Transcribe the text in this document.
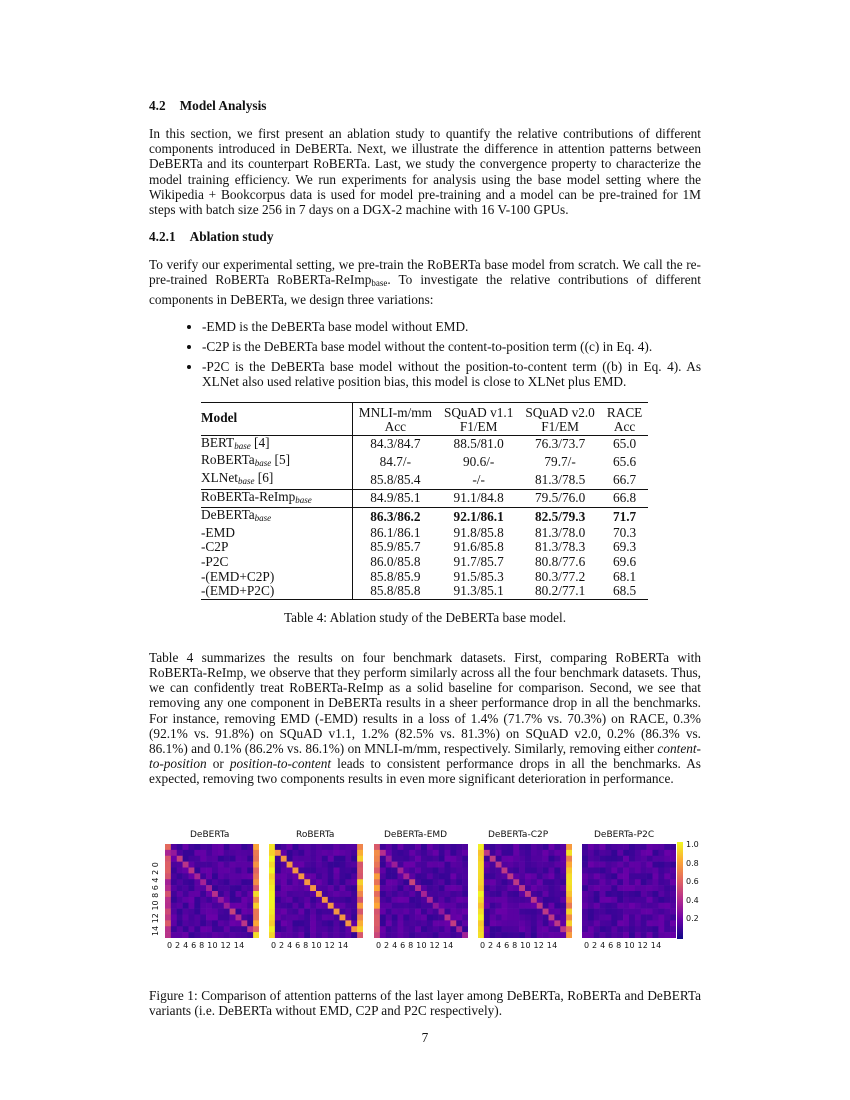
4.2 Model Analysis

In this section, we first present an ablation study to quantify the relative contributions of different components introduced in DeBERTa. Next, we illustrate the difference in attention patterns between DeBERTa and its counterpart RoBERTa. Last, we study the convergence property to characterize the model training efficiency. We run experiments for analysis using the base model setting where the Wikipedia + Bookcorpus data is used for model pre-training and a model can be pre-trained for 1M steps with batch size 256 in 7 days on a DGX-2 machine with 16 V-100 GPUs.

4.2.1 Ablation study

To verify our experimental setting, we pre-train the RoBERTa base model from scratch. We call the re-pre-trained RoBERTa RoBERTa-ReImpbase. To investigate the relative contributions of different components in DeBERTa, we design three variations:

• -EMD is the DeBERTa base model without EMD.
• -C2P is the DeBERTa base model without the content-to-position term ((c) in Eq. 4).
• -P2C is the DeBERTa base model without the position-to-content term ((b) in Eq. 4). As XLNet also used relative position bias, this model is close to XLNet plus EMD.
Model	MNLI-m/mm	SQuAD v1.1	SQuAD v2.0	RACE
	Acc	F1/EM	F1/EM	Acc
$BERT_{base}$ [4]	84.3/84.7	88.5/81.0	76.3/73.7	65.0
RoBERTa$_{base}$ [5]	84.7/-	90.6/-	79.7/-	65.6
XLNet$_{base}$ [6]	85.8/85.4	-/-	81.3/78.5	66.7
RoBERTa-ReImp$_{base}$	84.9/85.1	91.1/84.8	79.5/76.0	66.8
DeBERTa$_{base}$	86.3/86.2	92.1/86.1	82.5/79.3	71.7
-EMD	86.1/86.1	91.8/85.8	81.3/78.0	70.3
-C2P	85.9/85.7	91.6/85.8	81.3/78.3	69.3
-P2C	86.0/85.8	91.7/85.7	80.8/77.6	69.6
-(EMD+C2P)	85.8/85.9	91.5/85.3	80.3/77.2	68.1
-(EMD+P2C)	85.8/85.8	91.3/85.1	80.2/77.1	68.5
Table 4: Ablation study of the DeBERTa base model.

Table 4 summarizes the results on four benchmark datasets. First, comparing RoBERTa with RoBERTa-ReImp, we observe that they perform similarly across all the four benchmark datasets. Thus, we can confidently treat RoBERTa-ReImp as a solid baseline for comparison. Second, we see that removing any one component in DeBERTa results in a sheer performance drop in all the benchmarks. For instance, removing EMD (-EMD) results in a loss of 1.4% (71.7% vs. 70.3%) on RACE, 0.3% (92.1% vs. 91.8%) on SQuAD v1.1, 1.2% (82.5% vs. 81.3%) on SQuAD v2.0, 0.2% (86.3% vs. 86.1%) and 0.1% (86.2% vs. 86.1%) on MNLI-m/mm, respectively. Similarly, removing either content-to-position or position-to-content leads to consistent performance drops in all the benchmarks. As expected, removing two components results in even more significant deterioration in performance.

DeBERTa
0 2 4 6 8 10 12 14
RoBERTa
0 2 4 6 8 10 12 14
DeBERTa-EMD
0 2 4 6 8 10 12 14
DeBERTa-C2P
0 2 4 6 8 10 12 14
DeBERTa-P2C
0 2 4 6 8 10 12 14
14 12 10 8 6 4 2 0
1.0
0.8
0.6
0.4
0.2
Figure 1: Comparison of attention patterns of the last layer among DeBERTa, RoBERTa and DeBERTa variants (i.e. DeBERTa without EMD, C2P and P2C respectively).
7
